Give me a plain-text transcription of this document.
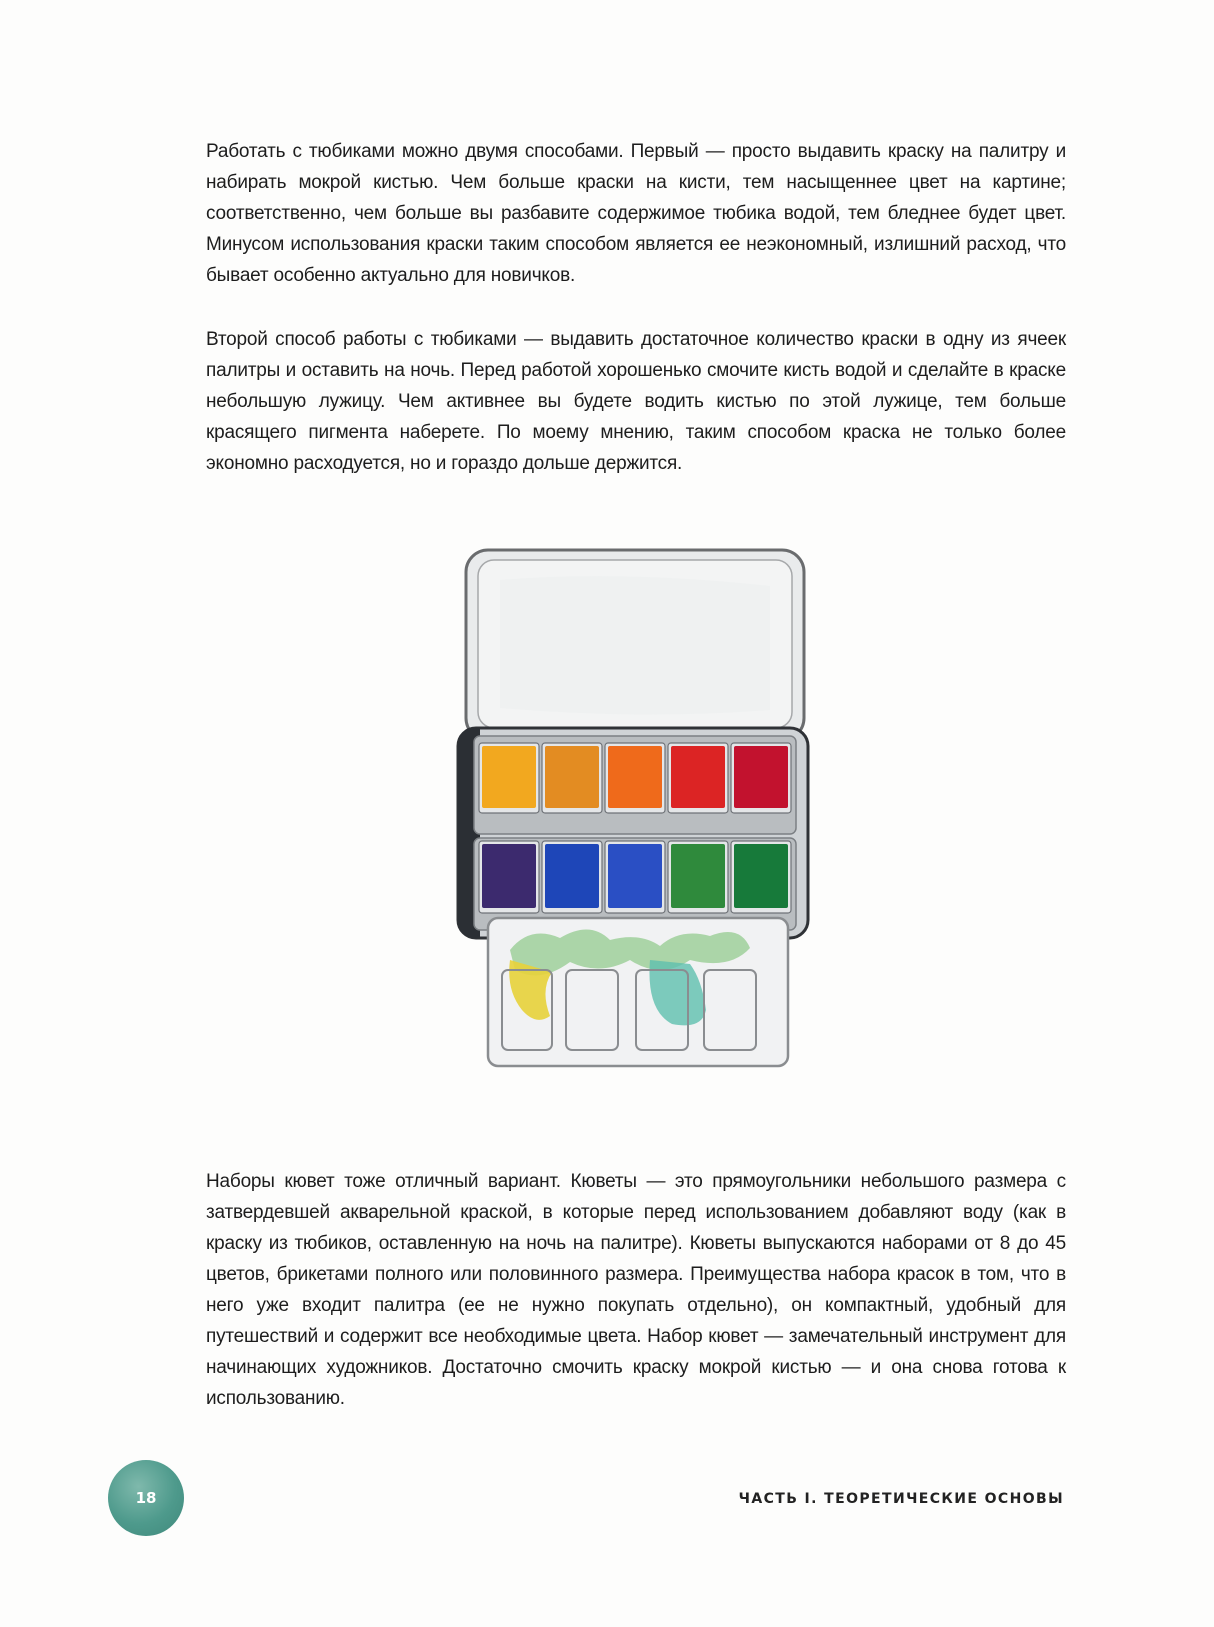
Работать с тюбиками можно двумя способами. Первый — просто выдавить краску на палитру и набирать мокрой кистью. Чем больше краски на кисти, тем насыщеннее цвет на картине; соответственно, чем больше вы разбавите содержимое тюбика водой, тем бледнее будет цвет. Минусом использования краски таким способом является ее неэкономный, излишний расход, что бывает особенно актуально для новичков.

Второй способ работы с тюбиками — выдавить достаточное количество краски в одну из ячеек палитры и оставить на ночь. Перед работой хорошенько смочите кисть водой и сделайте в краске небольшую лужицу. Чем активнее вы будете водить кистью по этой лужице, тем больше красящего пигмента наберете. По моему мнению, таким способом краска не только более экономно расходуется, но и гораздо дольше держится.

Наборы кювет тоже отличный вариант. Кюветы — это прямоугольники небольшого размера с затвердевшей акварельной краской, в которые перед использованием добавляют воду (как в краску из тюбиков, оставленную на ночь на палитре). Кюветы выпускаются наборами от 8 до 45 цветов, брикетами полного или половинного размера. Преимущества набора красок в том, что в него уже входит палитра (ее не нужно покупать отдельно), он компактный, удобный для путешествий и содержит все необходимые цвета. Набор кювет — замечательный инструмент для начинающих художников. Достаточно смочить краску мокрой кистью — и она снова готова к использованию.

18	ЧАСТЬ I. ТЕОРЕТИЧЕСКИЕ ОСНОВЫ
